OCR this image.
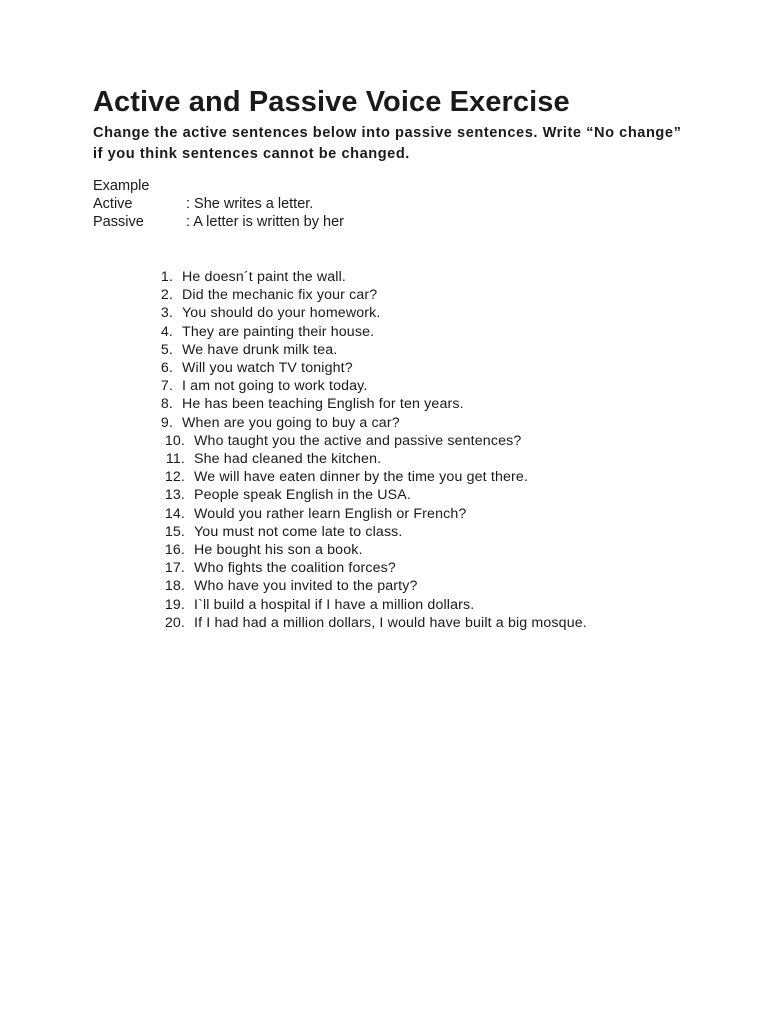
Active and Passive Voice Exercise

Change the active sentences below into passive sentences. Write “No change” if you think sentences cannot be changed.

Example
Active	: She writes a letter.
Passive	: A letter is written by her
1. He doesn´t paint the wall.
2. Did the mechanic fix your car?
3. You should do your homework.
4. They are painting their house.
5. We have drunk milk tea.
6. Will you watch TV tonight?
7. I am not going to work today.
8. He has been teaching English for ten years.
9. When are you going to buy a car?
10. Who taught you the active and passive sentences?
11. She had cleaned the kitchen.
12. We will have eaten dinner by the time you get there.
13. People speak English in the USA.
14. Would you rather learn English or French?
15. You must not come late to class.
16. He bought his son a book.
17. Who fights the coalition forces?
18. Who have you invited to the party?
19. I`ll build a hospital if I have a million dollars.
20. If I had had a million dollars, I would have built a big mosque.
